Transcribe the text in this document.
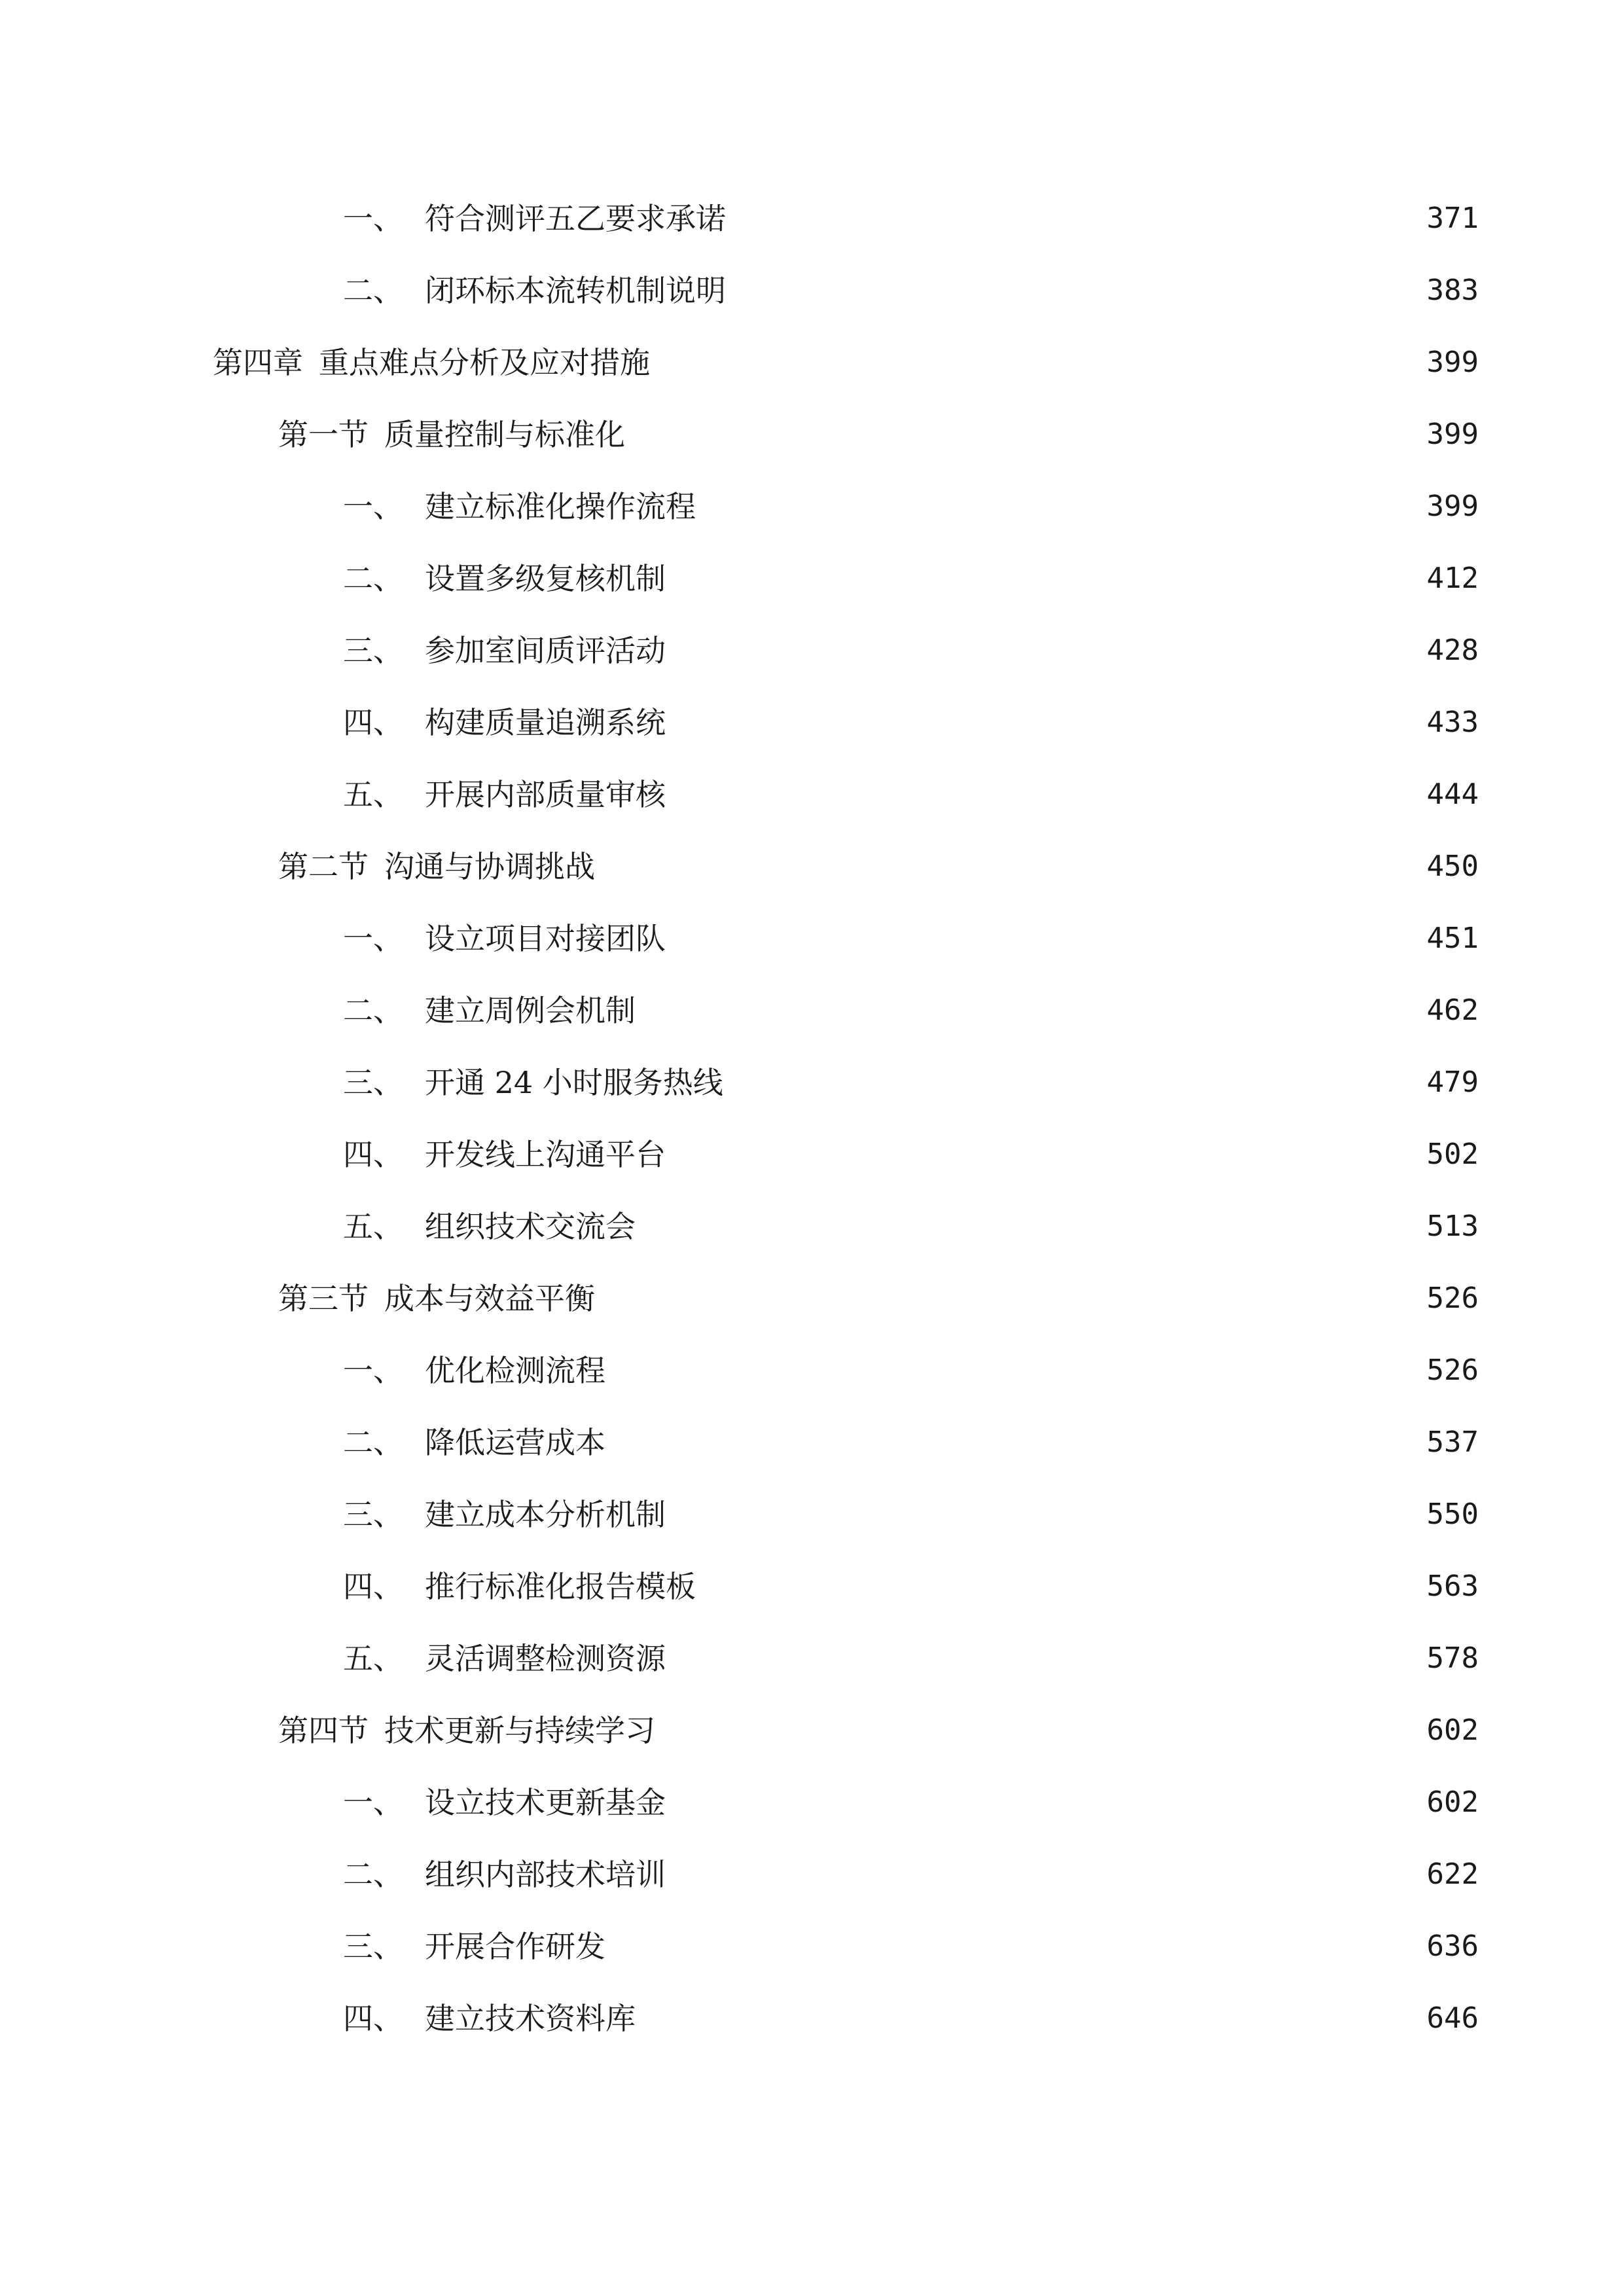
一、 符合测评五乙要求承诺	371
二、 闭环标本流转机制说明	383
第四章 重点难点分析及应对措施	399
第一节 质量控制与标准化	399
一、 建立标准化操作流程	399
二、 设置多级复核机制	412
三、 参加室间质评活动	428
四、 构建质量追溯系统	433
五、 开展内部质量审核	444
第二节 沟通与协调挑战	450
一、 设立项目对接团队	451
二、 建立周例会机制	462
三、 开通 24 小时服务热线	479
四、 开发线上沟通平台	502
五、 组织技术交流会	513
第三节 成本与效益平衡	526
一、 优化检测流程	526
二、 降低运营成本	537
三、 建立成本分析机制	550
四、 推行标准化报告模板	563
五、 灵活调整检测资源	578
第四节 技术更新与持续学习	602
一、 设立技术更新基金	602
二、 组织内部技术培训	622
三、 开展合作研发	636
四、 建立技术资料库	646
